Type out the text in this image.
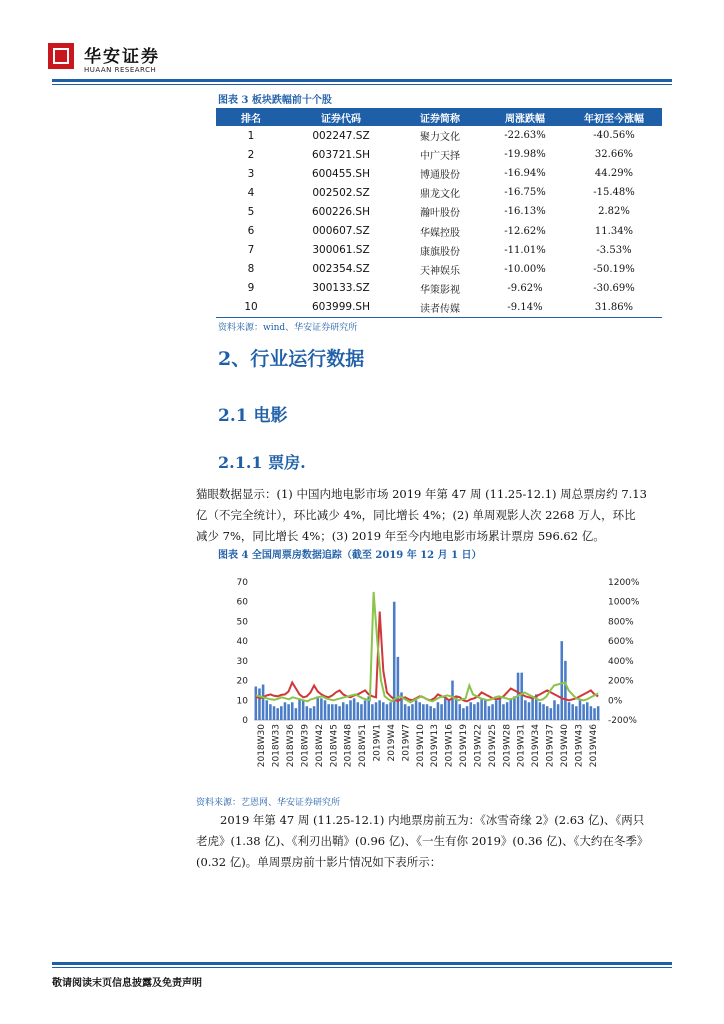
华安证券
HUAAN RESEARCH
图表 3 板块跌幅前十个股
排名	证券代码	证券简称	周涨跌幅	年初至今涨幅
1	002247.SZ	聚力文化	-22.63%	-40.56%
2	603721.SH	中广天择	-19.98%	32.66%
3	600455.SH	博通股份	-16.94%	44.29%
4	002502.SZ	鼎龙文化	-16.75%	-15.48%
5	600226.SH	瀚叶股份	-16.13%	2.82%
6	000607.SZ	华媒控股	-12.62%	11.34%
7	300061.SZ	康旗股份	-11.01%	-3.53%
8	002354.SZ	天神娱乐	-10.00%	-50.19%
9	300133.SZ	华策影视	-9.62%	-30.69%
10	603999.SH	读者传媒	-9.14%	31.86%
资料来源：wind、华安证券研究所
2、行业运行数据
2.1 电影
2.1.1 票房.
猫眼数据显示：(1) 中国内地电影市场 2019 年第 47 周 (11.25-12.1) 周总票房约 7.13
亿（不完全统计），环比减少 4%，同比增长 4%；(2) 单周观影人次 2268 万人，环比
减少 7%，同比增长 4%；(3) 2019 年至今内地电影市场累计票房 596.62 亿。
图表 4 全国周票房数据追踪（截至 2019 年 12 月 1 日）
0
10
20
30
40
50
60
70
-200%
0%
200%
400%
600%
800%
1000%
1200%
2018W30 2018W33 2018W36 2018W39 2018W42 2018W45 2018W48 2018W51 2019W1 2019W4 2019W7 2019W10 2019W13 2019W16 2019W19 2019W22 2019W25 2019W28 2019W31 2019W34 2019W37 2019W40 2019W43 2019W46
资料来源：艺恩网、华安证券研究所
2019 年第 47 周 (11.25-12.1) 内地票房前五为：《冰雪奇缘 2》(2.63 亿)、《两只
老虎》(1.38 亿)、《利刃出鞘》(0.96 亿)、《一生有你 2019》(0.36 亿)、《大约在冬季》
(0.32 亿)。单周票房前十影片情况如下表所示：
敬请阅读末页信息披露及免责声明
